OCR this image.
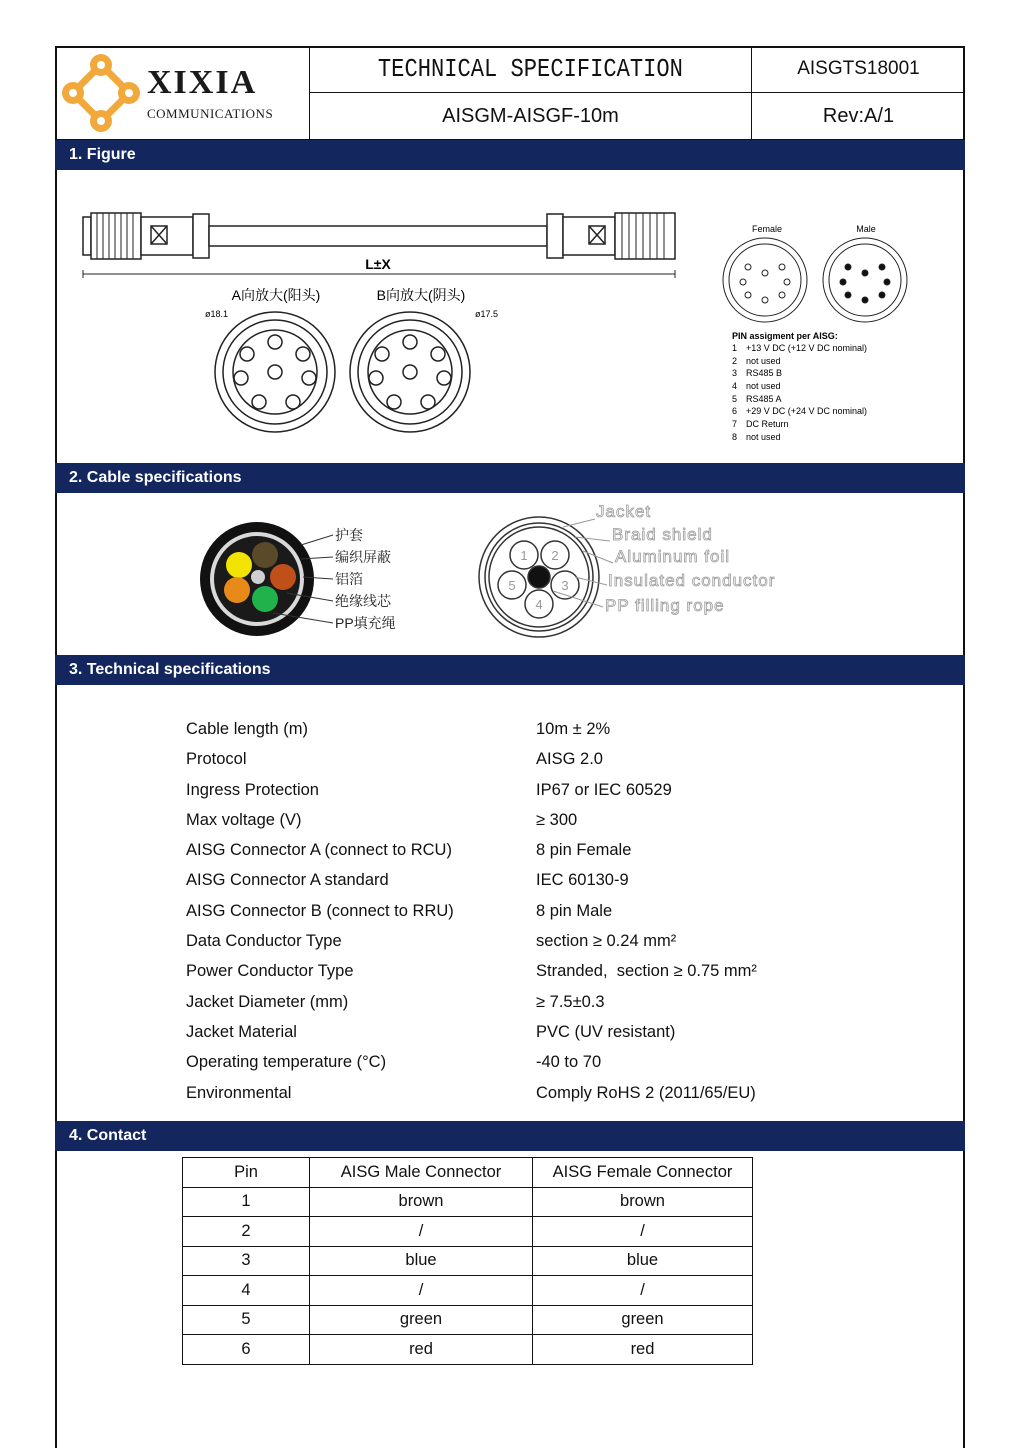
XIXIA
COMMUNICATIONS
TECHNICAL SPECIFICATION	AISGTS18001
AISGM-AISGF-10m	Rev:A/1
1. Figure
L±X
A向放大(阳头)
ø18.1
B向放大(阴头)
ø17.5
Female	Male
PIN assigment per AISG:
1 +13 V DC (+12 V DC nominal)
2 not used
3 RS485 B
4 not used
5 RS485 A
6 +29 V DC (+24 V DC nominal)
7 DC Return
8 not used
2. Cable specifications
护套
编织屏蔽
铝箔
绝缘线芯
PP填充绳
1 2
3
4
5
Jacket
Braid shield
Aluminum foil
Insulated conductor
PP filling rope
3. Technical specifications
Cable length (m)	10m ± 2%
Protocol	AISG 2.0
Ingress Protection	IP67 or IEC 60529
Max voltage (V)	≥ 300
AISG Connector A (connect to RCU)	8 pin Female
AISG Connector A standard	IEC 60130-9
AISG Connector B (connect to RRU)	8 pin Male
Data Conductor Type	section ≥ 0.24 mm²
Power Conductor Type	Stranded,  section ≥ 0.75 mm²
Jacket Diameter (mm)	≥ 7.5±0.3
Jacket Material	PVC (UV resistant)
Operating temperature (°C)	-40 to 70
Environmental	Comply RoHS 2 (2011/65/EU)
4. Contact
Pin	AISG Male Connector	AISG Female Connector
1	brown	brown
2	/	/
3	blue	blue
4	/	/
5	green	green
6	red	red
